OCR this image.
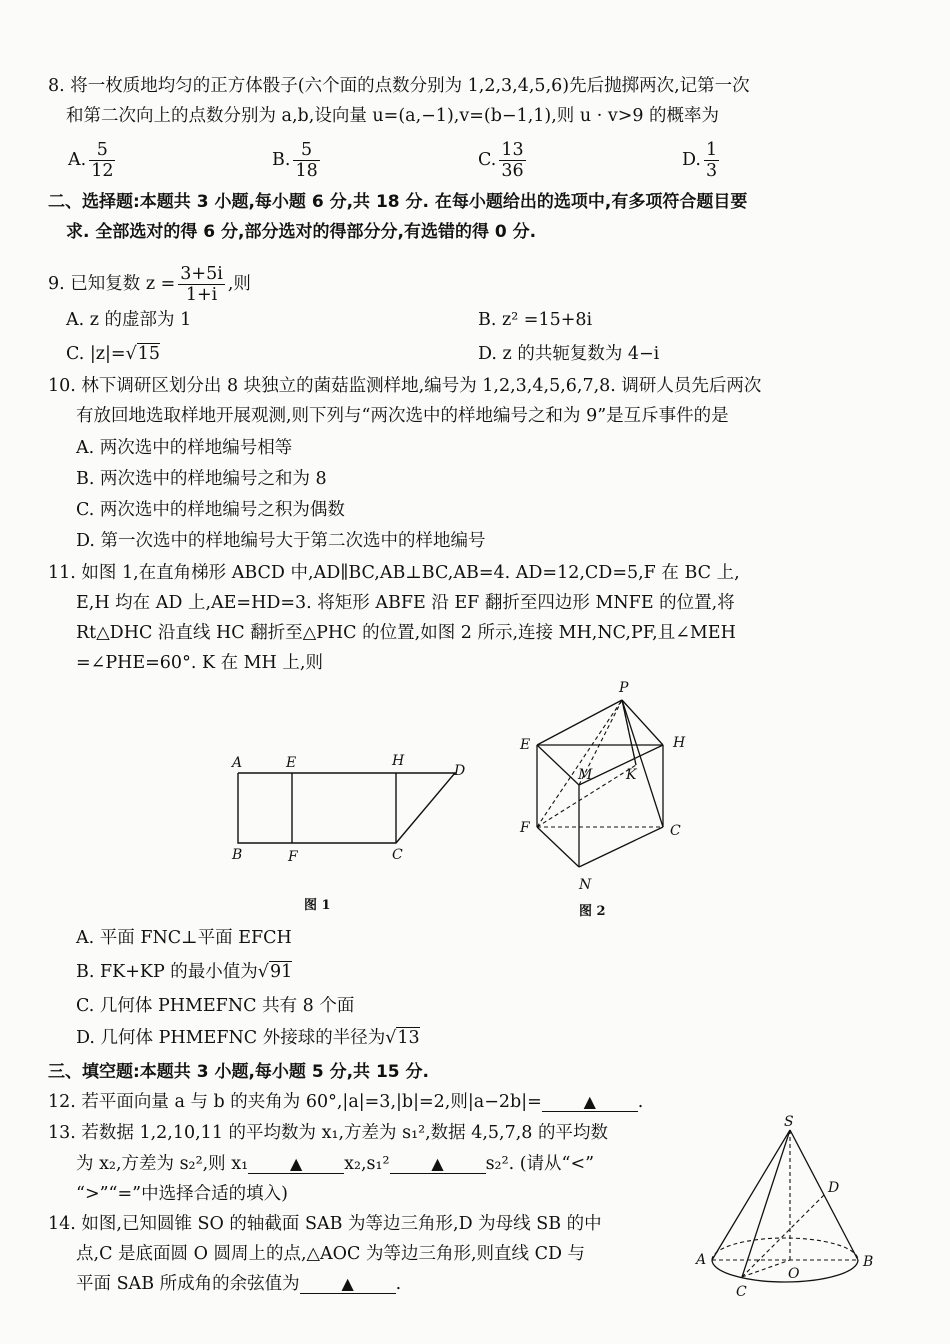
8. 将一枚质地均匀的正方体骰子(六个面的点数分别为 1,2,3,4,5,6)先后抛掷两次,记第一次
和第二次向上的点数分别为 a,b,设向量 u=(a,−1),v=(b−1,1),则 u · v>9 的概率为
A. $\frac{5}{12}$	B. $\frac{5}{18}$	C. $\frac{13}{36}$	D. $\frac{1}{3}$
二、选择题:本题共 3 小题,每小题 6 分,共 18 分. 在每小题给出的选项中,有多项符合题目要
求. 全部选对的得 6 分,部分选对的得部分分,有选错的得 0 分.
9. 已知复数 $z = \frac{3+5i}{1+i}$ ,则
A. z 的虚部为 1	B. z² =15+8i
C. |z|=√15	D. z 的共轭复数为 4−i
10. 林下调研区划分出 8 块独立的菌菇监测样地,编号为 1,2,3,4,5,6,7,8. 调研人员先后两次
有放回地选取样地开展观测,则下列与“两次选中的样地编号之和为 9”是互斥事件的是
A. 两次选中的样地编号相等
B. 两次选中的样地编号之和为 8
C. 两次选中的样地编号之积为偶数
D. 第一次选中的样地编号大于第二次选中的样地编号
11. 如图 1,在直角梯形 ABCD 中,AD∥BC,AB⊥BC,AB=4. AD=12,CD=5,F 在 BC 上,
E,H 均在 AD 上,AE=HD=3. 将矩形 ABFE 沿 EF 翻折至四边形 MNFE 的位置,将
Rt△DHC 沿直线 HC 翻折至△PHC 的位置,如图 2 所示,连接 MH,NC,PF,且∠MEH
=∠PHE=60°. K 在 MH 上,则
A	E	H
D
B	F	C
图 1
P
E	H
M K
F	C
N
图 2
A. 平面 FNC⊥平面 EFCH
B. FK+KP 的最小值为√91
C. 几何体 PHMEFNC 共有 8 个面
D. 几何体 PHMEFNC 外接球的半径为√13
三、填空题:本题共 3 小题,每小题 5 分,共 15 分.
12. 若平面向量 a 与 b 的夹角为 60°,|a|=3,|b|=2,则|a−2b|=	▲ .
13. 若数据 1,2,10,11 的平均数为 x₁,方差为 s₁²,数据 4,5,7,8 的平均数
为 x₂,方差为 s₂²,则 x₁	▲ x₂,s₁²	▲ s₂². (请从“<”
“>”“=”中选择合适的填入)
14. 如图,已知圆锥 SO 的轴截面 SAB 为等边三角形,D 为母线 SB 的中
点,C 是底面圆 O 圆周上的点,△AOC 为等边三角形,则直线 CD 与
平面 SAB 所成角的余弦值为	▲ .
S
D
A
O
B
C
